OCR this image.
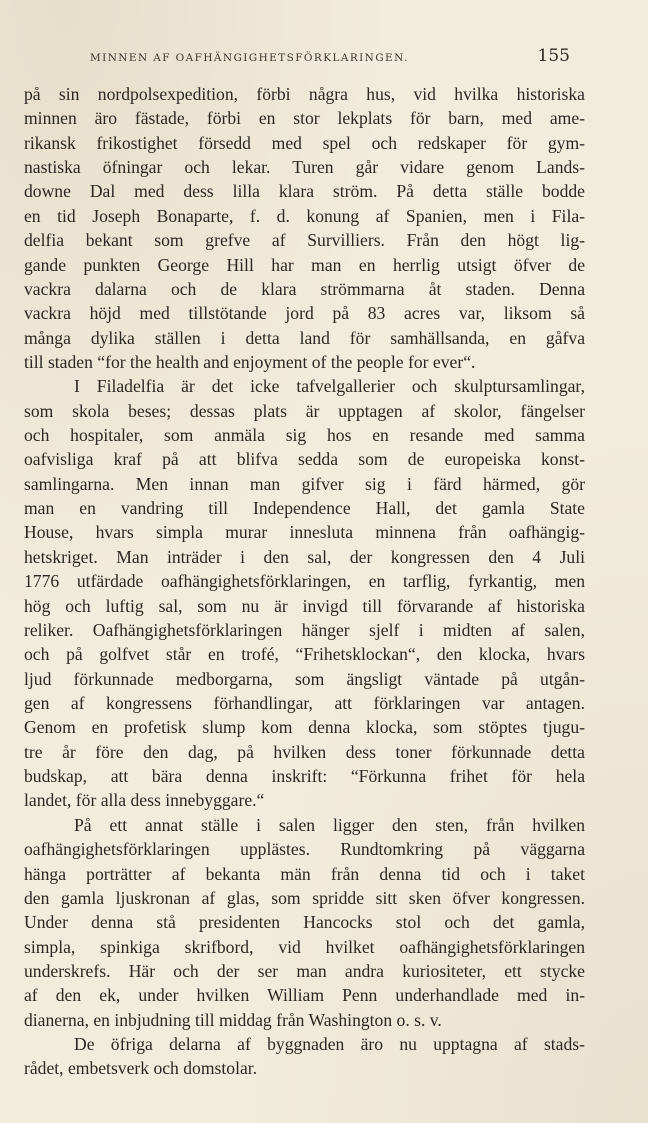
MINNEN AF OAFHÄNGIGHETSFÖRKLARINGEN.	155
på sin nordpolsexpedition, förbi några hus, vid hvilka historiska
minnen äro fästade, förbi en stor lekplats för barn, med ame-
rikansk frikostighet försedd med spel och redskaper för gym-
nastiska öfningar och lekar. Turen går vidare genom Lands-
downe Dal med dess lilla klara ström. På detta ställe bodde
en tid Joseph Bonaparte, f. d. konung af Spanien, men i Fila-
delfia bekant som grefve af Survilliers. Från den högt lig-
gande punkten George Hill har man en herrlig utsigt öfver de
vackra dalarna och de klara strömmarna åt staden. Denna
vackra höjd med tillstötande jord på 83 acres var, liksom så
många dylika ställen i detta land för samhällsanda, en gåfva
till staden “for the health and enjoyment of the people for ever“.
I Filadelfia är det icke tafvelgallerier och skulptursamlingar,
som skola beses; dessas plats är upptagen af skolor, fängelser
och hospitaler, som anmäla sig hos en resande med samma
oafvisliga kraf på att blifva sedda som de europeiska konst-
samlingarna. Men innan man gifver sig i färd härmed, gör
man en vandring till Independence Hall, det gamla State
House, hvars simpla murar innesluta minnena från oafhängig-
hetskriget. Man inträder i den sal, der kongressen den 4 Juli
1776 utfärdade oafhängighetsförklaringen, en tarflig, fyrkantig, men
hög och luftig sal, som nu är invigd till förvarande af historiska
reliker. Oafhängighetsförklaringen hänger sjelf i midten af salen,
och på golfvet står en trofé, “Frihetsklockan“, den klocka, hvars
ljud förkunnade medborgarna, som ängsligt väntade på utgån-
gen af kongressens förhandlingar, att förklaringen var antagen.
Genom en profetisk slump kom denna klocka, som stöptes tjugu-
tre år före den dag, på hvilken dess toner förkunnade detta
budskap, att bära denna inskrift: “Förkunna frihet för hela
landet, för alla dess innebyggare.“
På ett annat ställe i salen ligger den sten, från hvilken
oafhängighetsförklaringen upplästes. Rundtomkring på väggarna
hänga porträtter af bekanta män från denna tid och i taket
den gamla ljuskronan af glas, som spridde sitt sken öfver kongressen.
Under denna stå presidenten Hancocks stol och det gamla,
simpla, spinkiga skrifbord, vid hvilket oafhängighetsförklaringen
underskrefs. Här och der ser man andra kuriositeter, ett stycke
af den ek, under hvilken William Penn underhandlade med in-
dianerna, en inbjudning till middag från Washington o. s. v.
De öfriga delarna af byggnaden äro nu upptagna af stads-
rådet, embetsverk och domstolar.
